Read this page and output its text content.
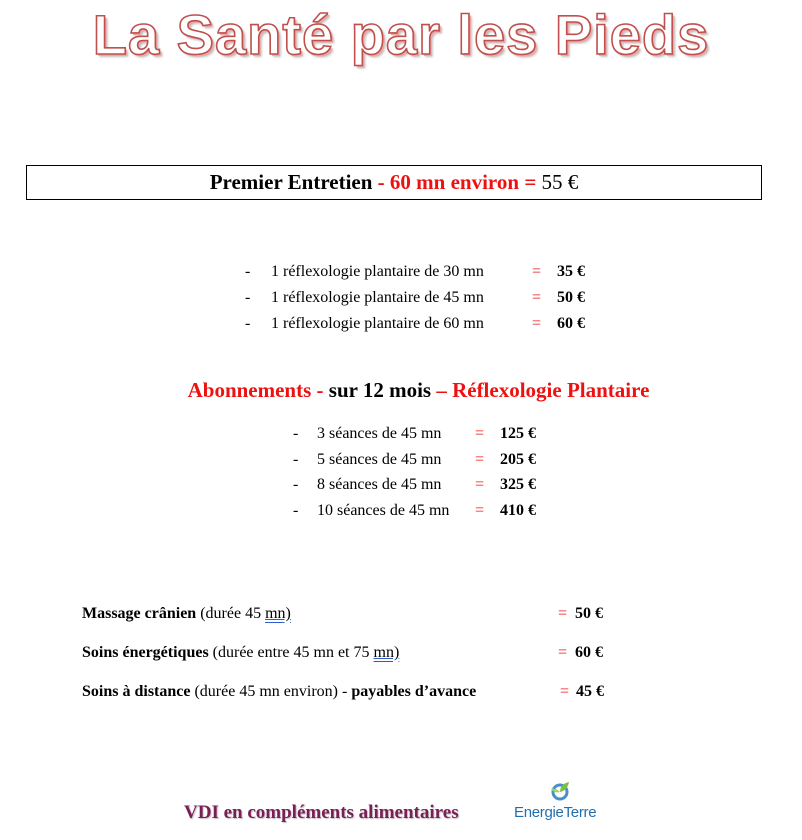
La Santé par les Pieds
Premier Entretien - 60 mn environ = 55 €
- 1 réflexologie plantaire de 30 mn	= 35 €
- 1 réflexologie plantaire de 45 mn	= 50 €
- 1 réflexologie plantaire de 60 mn	= 60 €
Abonnements - sur 12 mois – Réflexologie Plantaire
- 3 séances de 45 mn = 125 €
- 5 séances de 45 mn = 205 €
- 8 séances de 45 mn = 325 €
- 10 séances de 45 mn = 410 €
Massage crânien (durée 45 mn)	= 50 €
Soins énergétiques (durée entre 45 mn et 75 mn)	= 60 €
Soins à distance (durée 45 mn environ) - payables d’avance	= 45 €
VDI en compléments alimentaires	EnergieTerre
